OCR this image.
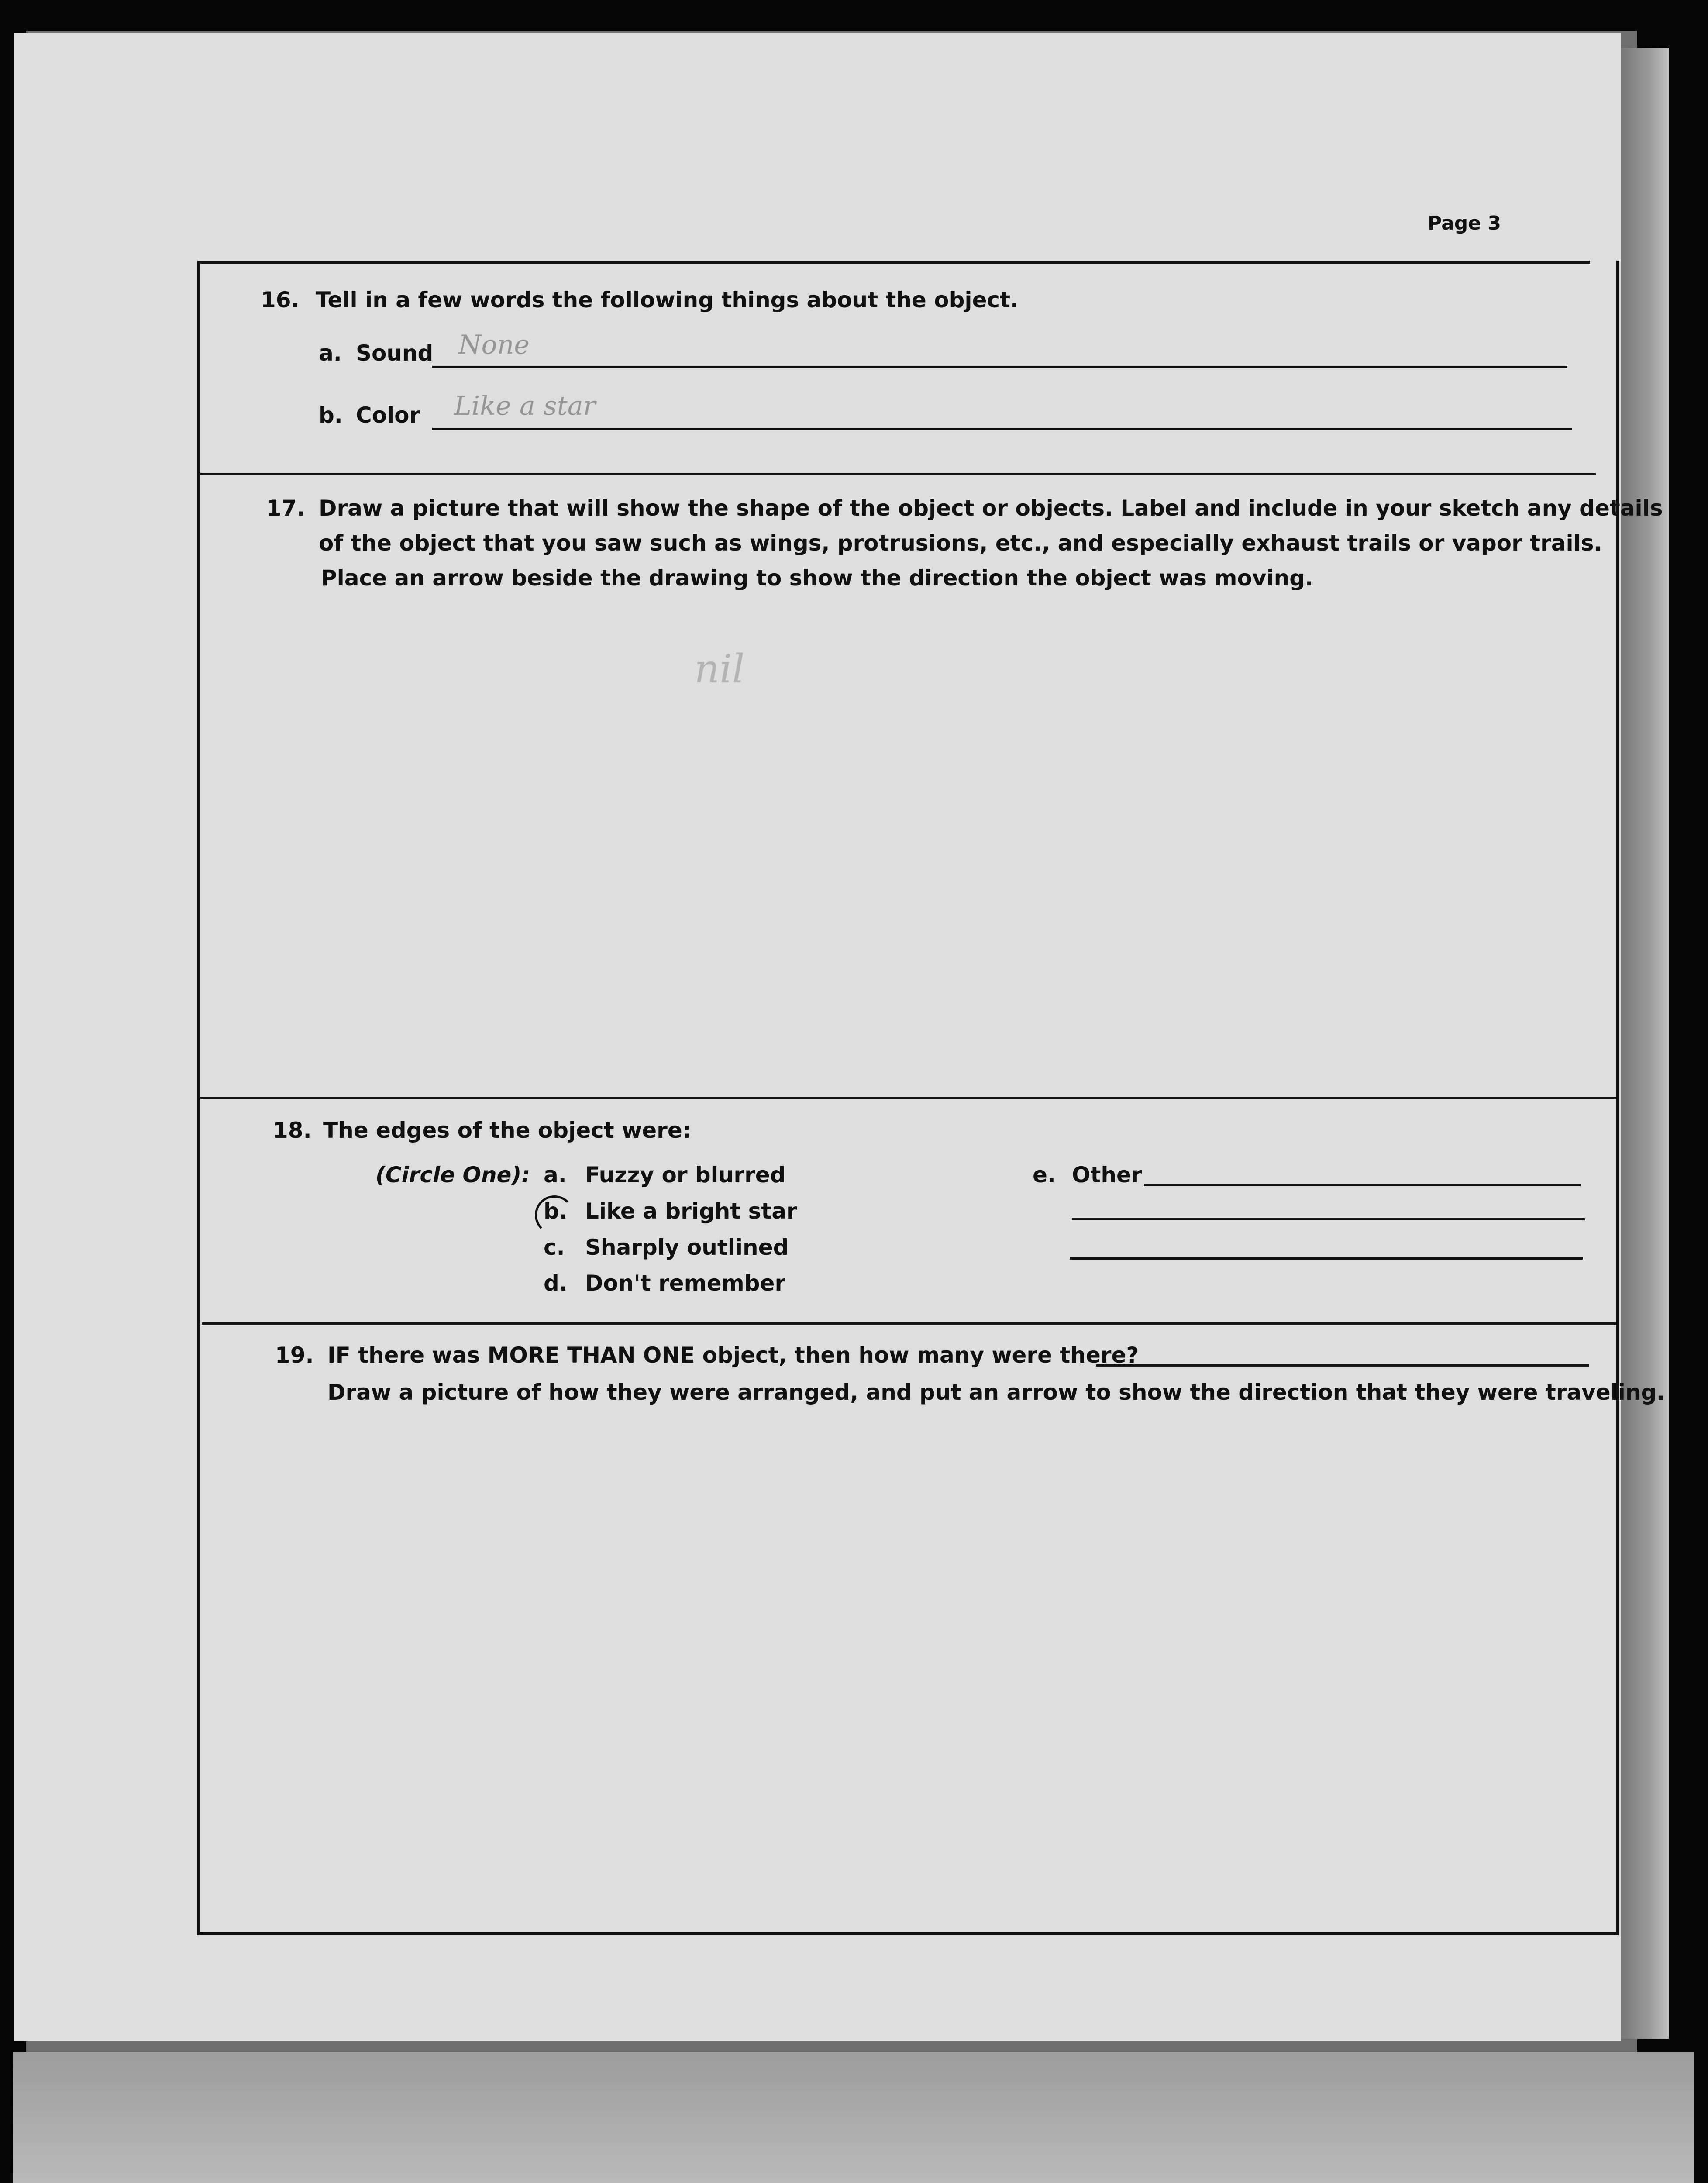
Page 3
16. Tell in a few words the following things about the object.
a. Sound None
b. Color Like a star
17. Draw a picture that will show the shape of the object or objects. Label and include in your sketch any details
of the object that you saw such as wings, protrusions, etc., and especially exhaust trails or vapor trails.
Place an arrow beside the drawing to show the direction the object was moving.
nil
18. The edges of the object were:
(Circle One): a. Fuzzy or blurred
b. Like a bright star
c. Sharply outlined
d. Don't remember
e. Other
19. IF there was MORE THAN ONE object, then how many were there?
Draw a picture of how they were arranged, and put an arrow to show the direction that they were traveling.
